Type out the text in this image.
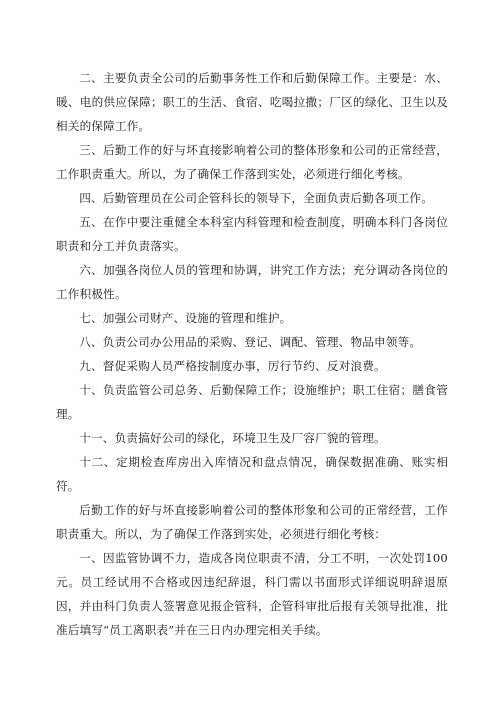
二、主要负责全公司的后勤事务性工作和后勤保障工作。主要是：水、暖、电的供应保障；职工的生活、食宿、吃喝拉撒；厂区的绿化、卫生以及相关的保障工作。

三、后勤工作的好与坏直接影响着公司的整体形象和公司的正常经营，工作职责重大。所以，为了确保工作落到实处，必须进行细化考核。

四、后勤管理员在公司企管科长的领导下，全面负责后勤各项工作。

五、在作中要注重健全本科室内科管理和检查制度，明确本科门各岗位职责和分工并负责落实。

六、加强各岗位人员的管理和协调，讲究工作方法；充分调动各岗位的工作积极性。

七、加强公司财产、设施的管理和维护。

八、负责公司办公用品的采购、登记、调配、管理、物品申领等。

九、督促采购人员严格按制度办事，厉行节约、反对浪费。

十、负责监管公司总务、后勤保障工作；设施维护；职工住宿；膳食管理。

十一、负责搞好公司的绿化，环境卫生及厂容厂貌的管理。

十二、定期检查库房出入库情况和盘点情况，确保数据准确、账实相符。

后勤工作的好与坏直接影响着公司的整体形象和公司的正常经营，工作职责重大。所以，为了确保工作落到实处，必须进行细化考核：

一、因监管协调不力，造成各岗位职责不清，分工不明，一次处罚100元。员工经试用不合格或因违纪辞退，科门需以书面形式详细说明辞退原因，并由科门负责人签署意见报企管科，企管科审批后报有关领导批准，批准后填写“员工离职表”并在三日内办理完相关手续。
